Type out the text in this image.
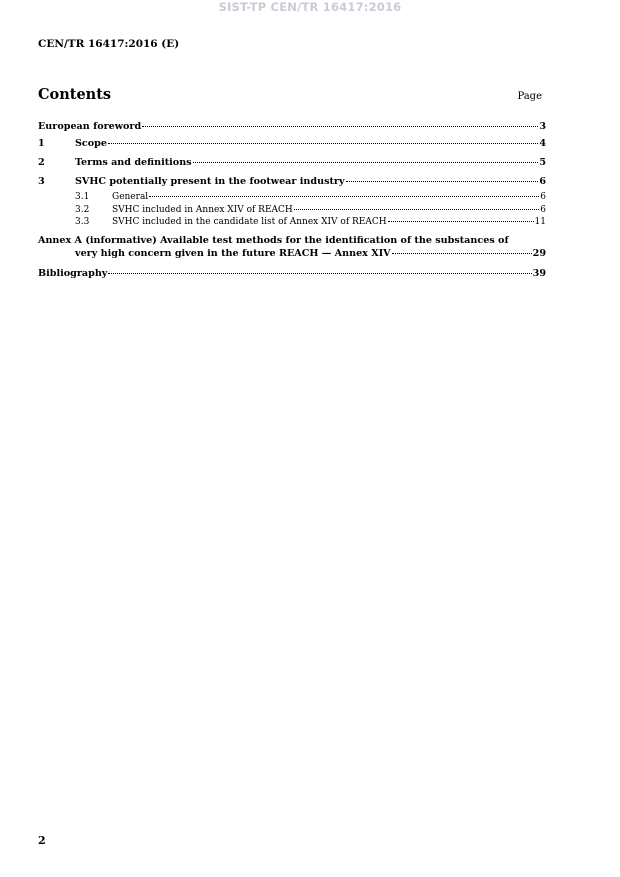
SIST-TP CEN/TR 16417:2016
CEN/TR 16417:2016 (E)
Contents	Page
European foreword	3
1	Scope	4
2	Terms and definitions	5
3	SVHC potentially present in the footwear industry	6
3.1	General	6
3.2	SVHC included in Annex XIV of REACH	6
3.3	SVHC included in the candidate list of Annex XIV of REACH	11
Annex A (informative) Available test methods for the identification of the substances of
very high concern given in the future REACH — Annex XIV	29
Bibliography	39
2
